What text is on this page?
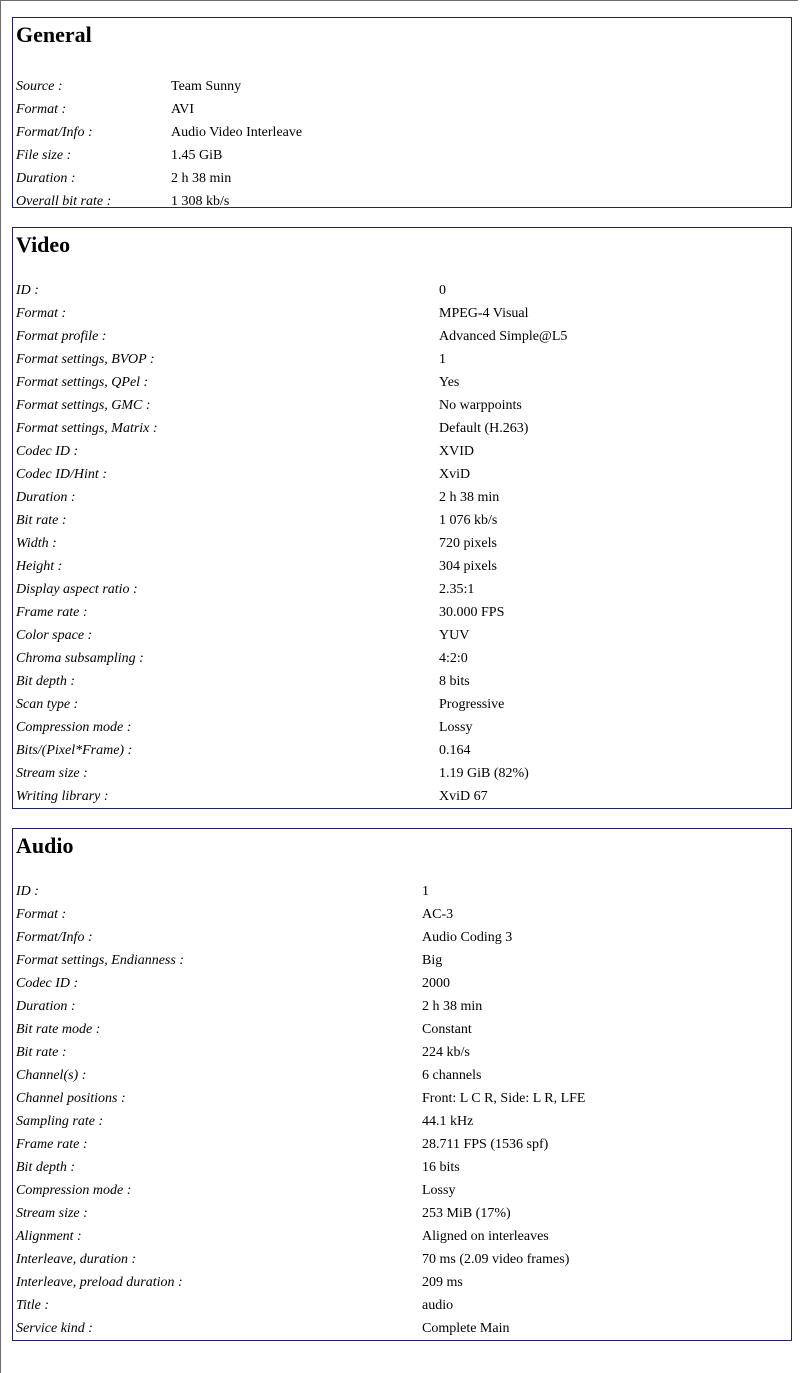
General
Source :	Team Sunny
Format :	AVI
Format/Info :	Audio Video Interleave
File size :	1.45 GiB
Duration :	2 h 38 min
Overall bit rate :	1 308 kb/s
Video
ID :	0
Format :	MPEG-4 Visual
Format profile :	Advanced Simple@L5
Format settings, BVOP :	1
Format settings, QPel :	Yes
Format settings, GMC :	No warppoints
Format settings, Matrix :	Default (H.263)
Codec ID :	XVID
Codec ID/Hint :	XviD
Duration :	2 h 38 min
Bit rate :	1 076 kb/s
Width :	720 pixels
Height :	304 pixels
Display aspect ratio :	2.35:1
Frame rate :	30.000 FPS
Color space :	YUV
Chroma subsampling :	4:2:0
Bit depth :	8 bits
Scan type :	Progressive
Compression mode :	Lossy
Bits/(Pixel*Frame) :	0.164
Stream size :	1.19 GiB (82%)
Writing library :	XviD 67
Audio
ID :	1
Format :	AC-3
Format/Info :	Audio Coding 3
Format settings, Endianness :	Big
Codec ID :	2000
Duration :	2 h 38 min
Bit rate mode :	Constant
Bit rate :	224 kb/s
Channel(s) :	6 channels
Channel positions :	Front: L C R, Side: L R, LFE
Sampling rate :	44.1 kHz
Frame rate :	28.711 FPS (1536 spf)
Bit depth :	16 bits
Compression mode :	Lossy
Stream size :	253 MiB (17%)
Alignment :	Aligned on interleaves
Interleave, duration :	70 ms (2.09 video frames)
Interleave, preload duration :	209 ms
Title :	audio
Service kind :	Complete Main
